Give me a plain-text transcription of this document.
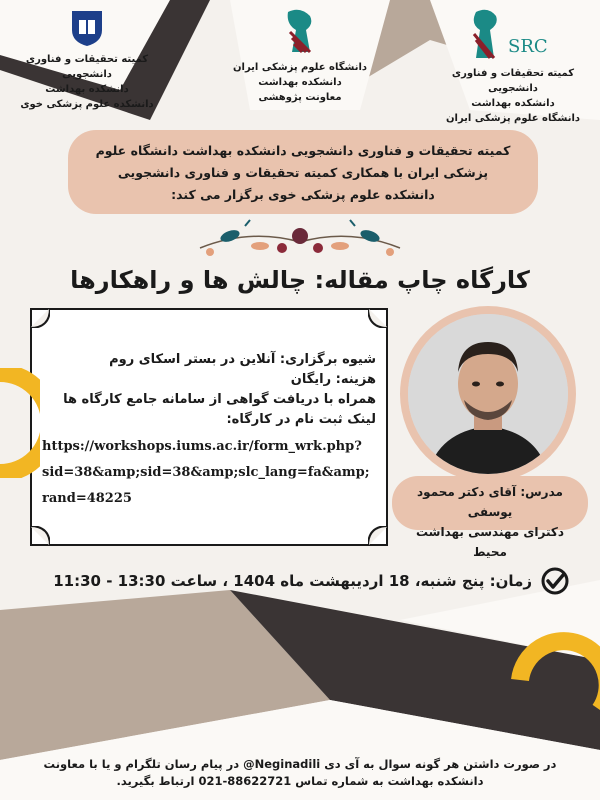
کمیته تحقیقات و فناوری دانشجویی
دانشکده بهداشت
دانشکده علوم پزشکی خوی
دانشگاه علوم پزشکی ایران
دانشکده بهداشت
معاونت پژوهشی
SRC
کمیته تحقیقات و فناوری دانشجویی
دانشکده بهداشت
دانشگاه علوم پزشکی ایران
کمیته تحقیقات و فناوری دانشجویی دانشکده بهداشت دانشگاه علوم
پزشکی ایران با همکاری کمیته تحقیقات و فناوری دانشجویی
دانشکده علوم پزشکی خوی برگزار می کند:
کارگاه چاپ مقاله: چالش ها و راهکارها
شیوه برگزاری: آنلاین در بستر اسکای روم
هزینه: رایگان
همراه با دریافت گواهی از سامانه جامع کارگاه ها
لینک ثبت نام در کارگاه:
https://workshops.iums.ac.ir/form_wrk.php?
sid=38&amp;sid=38&amp;slc_lang=fa&amp;
rand=48225	مدرس: آقای دکتر محمود یوسفی
دکترای مهندسی بهداشت محیط
زمان: پنج شنبه، 18 اردیبهشت ماه 1404 ، ساعت 13:30 - 11:30
در صورت داشتن هر گونه سوال به آی دی Neginadili@ در پیام رسان تلگرام و یا با معاونت
دانشکده بهداشت به شماره تماس 88622721-021 ارتباط بگیرید.
